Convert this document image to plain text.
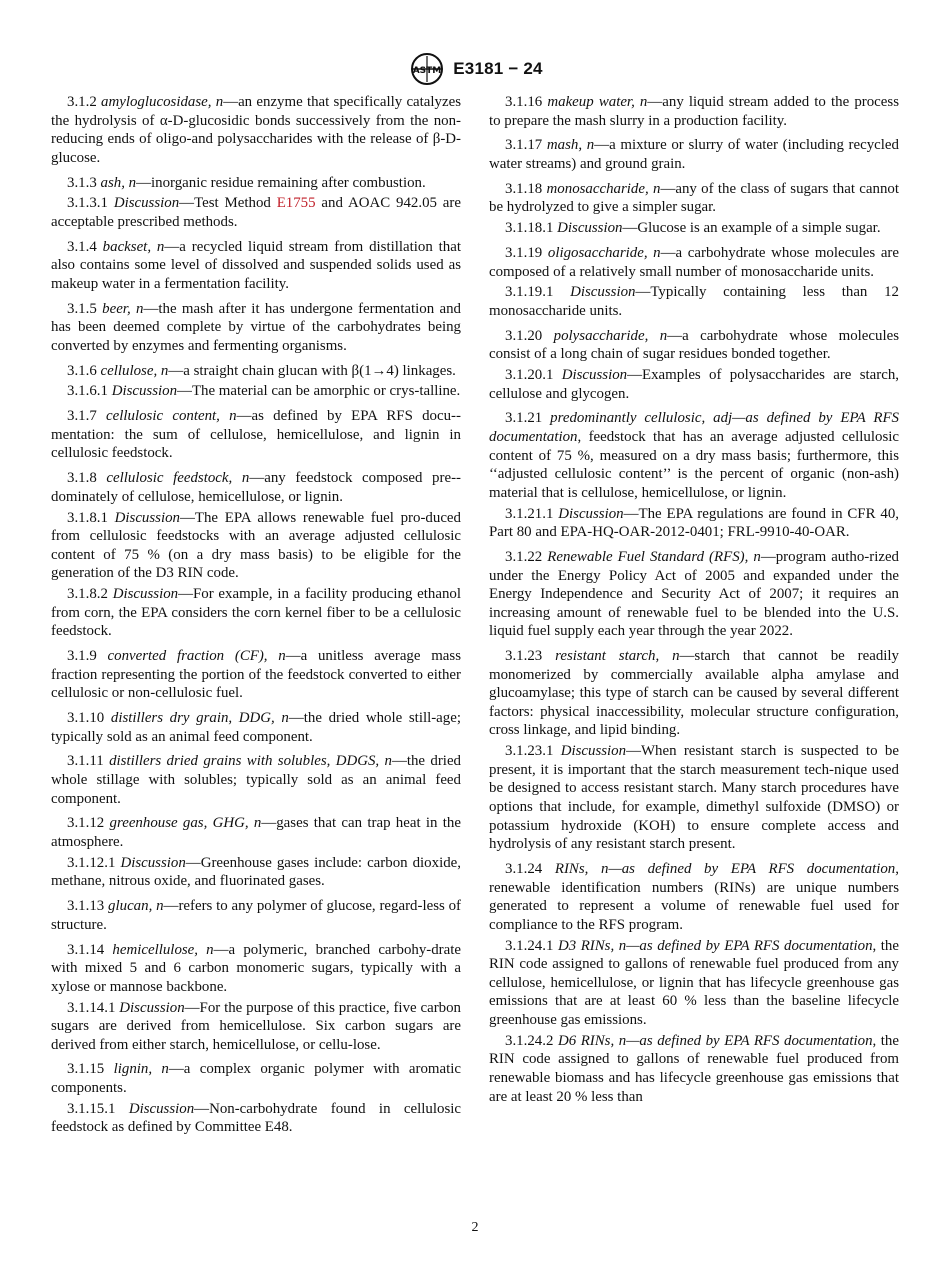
ASTM E3181 − 24

3.1.2 amyloglucosidase, n—an enzyme that specifically catalyzes the hydrolysis of α-D-glucosidic bonds successively from the non-reducing ends of oligo-and polysaccharides with the release of β-D-glucose.

3.1.3 ash, n—inorganic residue remaining after combustion.

3.1.3.1 Discussion—Test Method E1755 and AOAC 942.05 are acceptable prescribed methods.

3.1.4 backset, n—a recycled liquid stream from distillation that also contains some level of dissolved and suspended solids used as makeup water in a fermentation facility.

3.1.5 beer, n—the mash after it has undergone fermentation and has been deemed complete by virtue of the carbohydrates being converted by enzymes and fermenting organisms.

3.1.6 cellulose, n—a straight chain glucan with β(1→4) linkages.

3.1.6.1 Discussion—The material can be amorphic or crys-talline.

3.1.7 cellulosic content, n—as defined by EPA RFS docu-mentation: the sum of cellulose, hemicellulose, and lignin in cellulosic feedstock.

3.1.8 cellulosic feedstock, n—any feedstock composed pre-dominately of cellulose, hemicellulose, or lignin.

3.1.8.1 Discussion—The EPA allows renewable fuel pro-duced from cellulosic feedstocks with an average adjusted cellulosic content of 75 % (on a dry mass basis) to be eligible for the generation of the D3 RIN code.

3.1.8.2 Discussion—For example, in a facility producing ethanol from corn, the EPA considers the corn kernel fiber to be a cellulosic feedstock.

3.1.9 converted fraction (CF), n—a unitless average mass fraction representing the portion of the feedstock converted to either cellulosic or non-cellulosic fuel.

3.1.10 distillers dry grain, DDG, n—the dried whole still-age; typically sold as an animal feed component.

3.1.11 distillers dried grains with solubles, DDGS, n—the dried whole stillage with solubles; typically sold as an animal feed component.

3.1.12 greenhouse gas, GHG, n—gases that can trap heat in the atmosphere.

3.1.12.1 Discussion—Greenhouse gases include: carbon dioxide, methane, nitrous oxide, and fluorinated gases.

3.1.13 glucan, n—refers to any polymer of glucose, regard-less of structure.

3.1.14 hemicellulose, n—a polymeric, branched carbohy-drate with mixed 5 and 6 carbon monomeric sugars, typically with a xylose or mannose backbone.

3.1.14.1 Discussion—For the purpose of this practice, five carbon sugars are derived from hemicellulose. Six carbon sugars are derived from either starch, hemicellulose, or cellu-lose.

3.1.15 lignin, n—a complex organic polymer with aromatic components.

3.1.15.1 Discussion—Non-carbohydrate found in cellulosic feedstock as defined by Committee E48.

3.1.16 makeup water, n—any liquid stream added to the process to prepare the mash slurry in a production facility.

3.1.17 mash, n—a mixture or slurry of water (including recycled water streams) and ground grain.

3.1.18 monosaccharide, n—any of the class of sugars that cannot be hydrolyzed to give a simpler sugar.

3.1.18.1 Discussion—Glucose is an example of a simple sugar.

3.1.19 oligosaccharide, n—a carbohydrate whose molecules are composed of a relatively small number of monosaccharide units.

3.1.19.1 Discussion—Typically containing less than 12 monosaccharide units.

3.1.20 polysaccharide, n—a carbohydrate whose molecules consist of a long chain of sugar residues bonded together.

3.1.20.1 Discussion—Examples of polysaccharides are starch, cellulose and glycogen.

3.1.21 predominantly cellulosic, adj—as defined by EPA RFS documentation, feedstock that has an average adjusted cellulosic content of 75 %, measured on a dry mass basis; furthermore, this ‘‘adjusted cellulosic content’’ is the percent of organic (non-ash) material that is cellulose, hemicellulose, or lignin.

3.1.21.1 Discussion—The EPA regulations are found in CFR 40, Part 80 and EPA-HQ-OAR-2012-0401; FRL-9910-40-OAR.

3.1.22 Renewable Fuel Standard (RFS), n—program autho-rized under the Energy Policy Act of 2005 and expanded under the Energy Independence and Security Act of 2007; it requires an increasing amount of renewable fuel to be blended into the U.S. liquid fuel supply each year through the year 2022.

3.1.23 resistant starch, n—starch that cannot be readily monomerized by commercially available alpha amylase and glucoamylase; this type of starch can be caused by several different factors: physical inaccessibility, molecular structure configuration, cross linkage, and lipid binding.

3.1.23.1 Discussion—When resistant starch is suspected to be present, it is important that the starch measurement tech-nique used be designed to access resistant starch. Many starch procedures have options that include, for example, dimethyl sulfoxide (DMSO) or potassium hydroxide (KOH) to ensure complete access and hydrolysis of any resistant starch present.

3.1.24 RINs, n—as defined by EPA RFS documentation, renewable identification numbers (RINs) are unique numbers generated to represent a volume of renewable fuel used for compliance to the RFS program.

3.1.24.1 D3 RINs, n—as defined by EPA RFS documentation, the RIN code assigned to gallons of renewable fuel produced from any cellulose, hemicellulose, or lignin that has lifecycle greenhouse gas emissions that are at least 60 % less than the baseline lifecycle greenhouse gas emissions.

3.1.24.2 D6 RINs, n—as defined by EPA RFS documentation, the RIN code assigned to gallons of renewable fuel produced from renewable biomass and has lifecycle greenhouse gas emissions that are at least 20 % less than

2
